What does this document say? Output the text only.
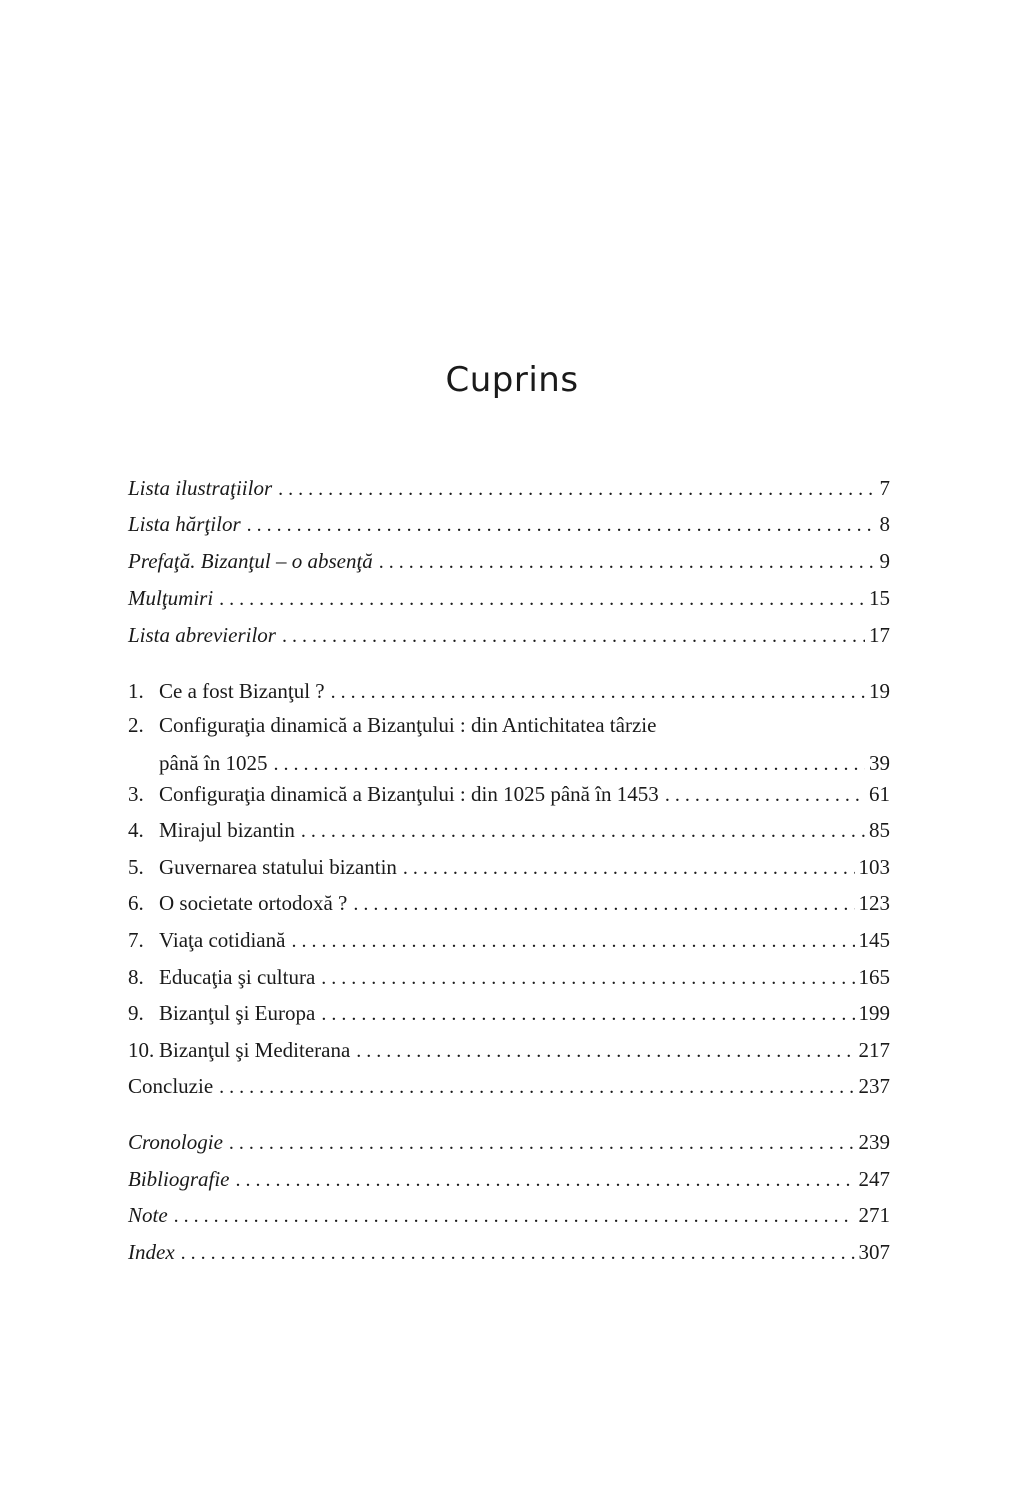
Cuprins
Lista ilustraţiilor . . .	7
Lista hărţilor . . .	8
Prefaţă. Bizanţul – o absenţă . . .	9
Mulţumiri . . .	15
Lista abrevierilor . . .	17
1. Ce a fost Bizanţul ? . . .	19
2. Configuraţia dinamică a Bizanţului : din Antichitatea târzie
până în 1025 . . .	39
3. Configuraţia dinamică a Bizanţului : din 1025 până în 1453 . . .	61
4. Mirajul bizantin . . .	85
5. Guvernarea statului bizantin . . .	103
6. O societate ortodoxă ? . . .	123
7. Viaţa cotidiană . . .	145
8. Educaţia şi cultura . . .	165
9. Bizanţul şi Europa . . .	199
10. Bizanţul şi Mediterana . . .	217
Concluzie . . .	237
Cronologie . . .	239
Bibliografie . . .	247
Note . . .	271
Index . . .	307
